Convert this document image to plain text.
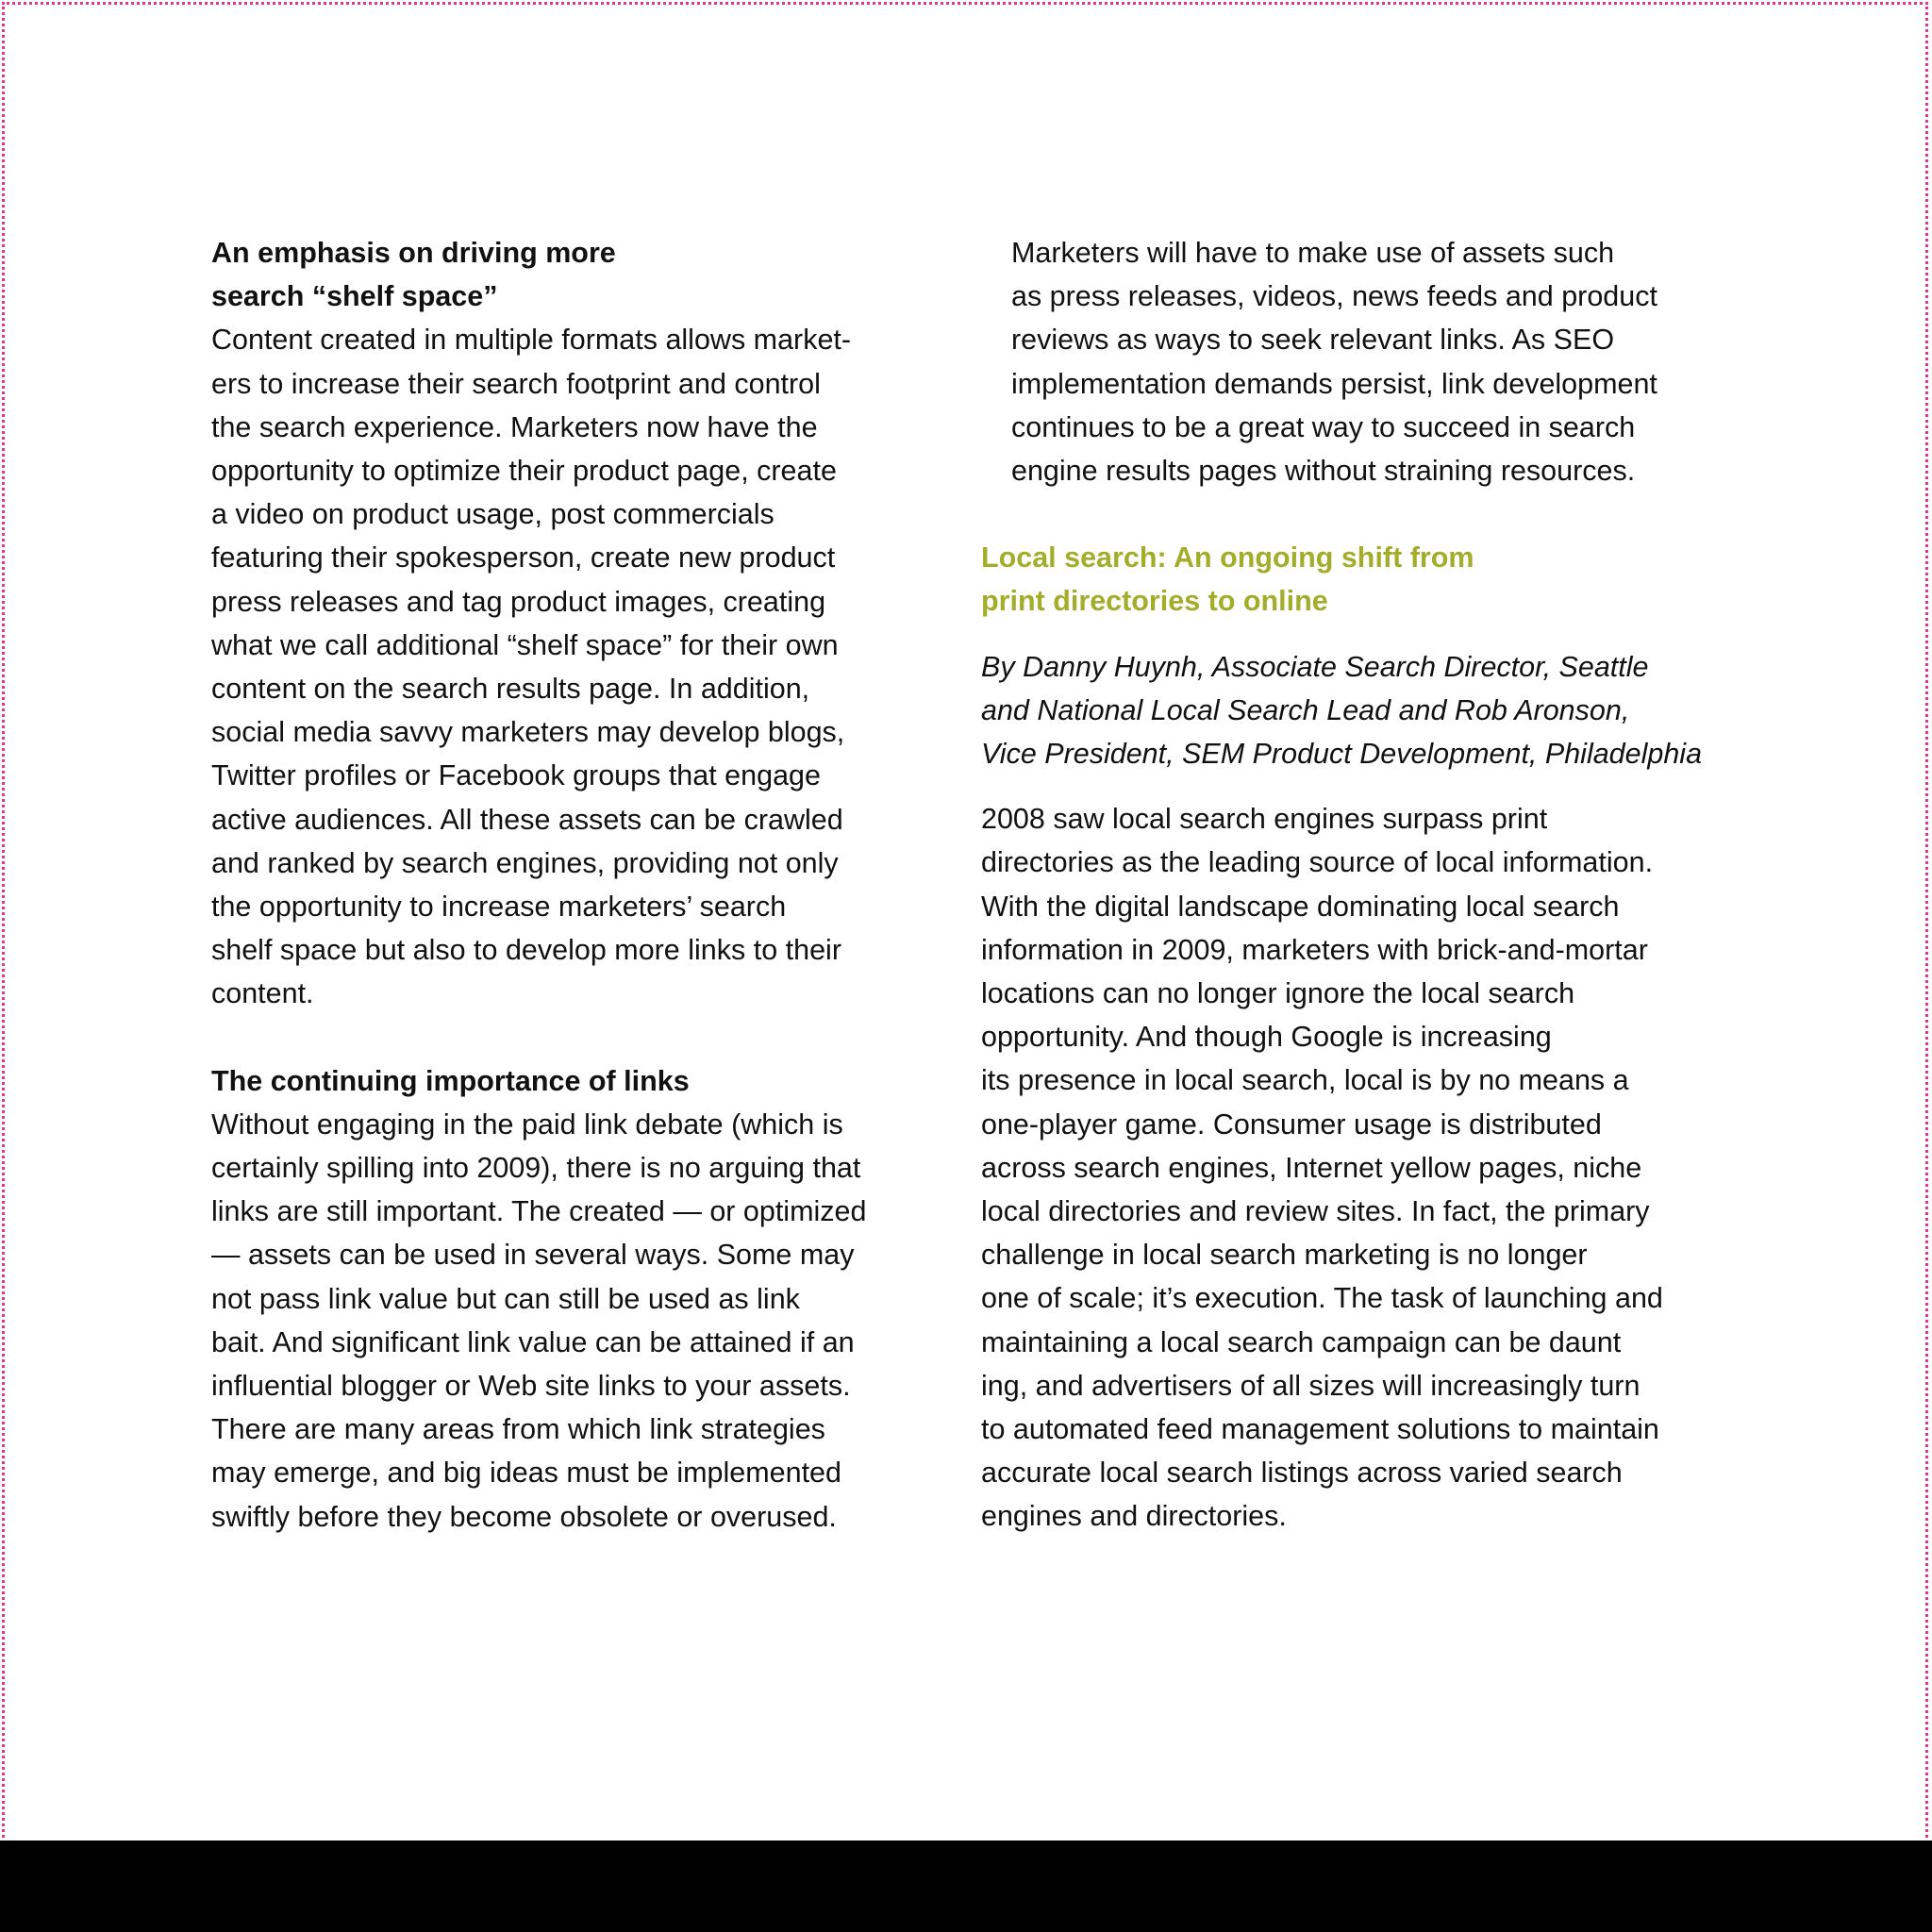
An emphasis on driving more
search “shelf space”
Content created in multiple formats allows market-
ers to increase their search footprint and control
the search experience. Marketers now have the
opportunity to optimize their product page, create
a video on product usage, post commercials
featuring their spokesperson, create new product
press releases and tag product images, creating
what we call additional “shelf space” for their own
content on the search results page. In addition,
social media savvy marketers may develop blogs,
Twitter profiles or Facebook groups that engage
active audiences. All these assets can be crawled
and ranked by search engines, providing not only
the opportunity to increase marketers’ search
shelf space but also to develop more links to their
content.
The continuing importance of links
Without engaging in the paid link debate (which is
certainly spilling into 2009), there is no arguing that
links are still important. The created — or optimized
— assets can be used in several ways. Some may
not pass link value but can still be used as link
bait. And significant link value can be attained if an
influential blogger or Web site links to your assets.
There are many areas from which link strategies
may emerge, and big ideas must be implemented
swiftly before they become obsolete or overused.
Marketers will have to make use of assets such
as press releases, videos, news feeds and product
reviews as ways to seek relevant links. As SEO
implementation demands persist, link development
continues to be a great way to succeed in search
engine results pages without straining resources.
Local search: An ongoing shift from
print directories to online
By Danny Huynh, Associate Search Director, Seattle
and National Local Search Lead and Rob Aronson,
Vice President, SEM Product Development, Philadelphia
2008 saw local search engines surpass print
directories as the leading source of local information.
With the digital landscape dominating local search
information in 2009, marketers with brick-and-mortar
locations can no longer ignore the local search
opportunity. And though Google is increasing
its presence in local search, local is by no means a
one-player game. Consumer usage is distributed
across search engines, Internet yellow pages, niche
local directories and review sites. In fact, the primary
challenge in local search marketing is no longer
one of scale; it’s execution. The task of launching and
maintaining a local search campaign can be daunt
ing, and advertisers of all sizes will increasingly turn
to automated feed management solutions to maintain
accurate local search listings across varied search
engines and directories.
